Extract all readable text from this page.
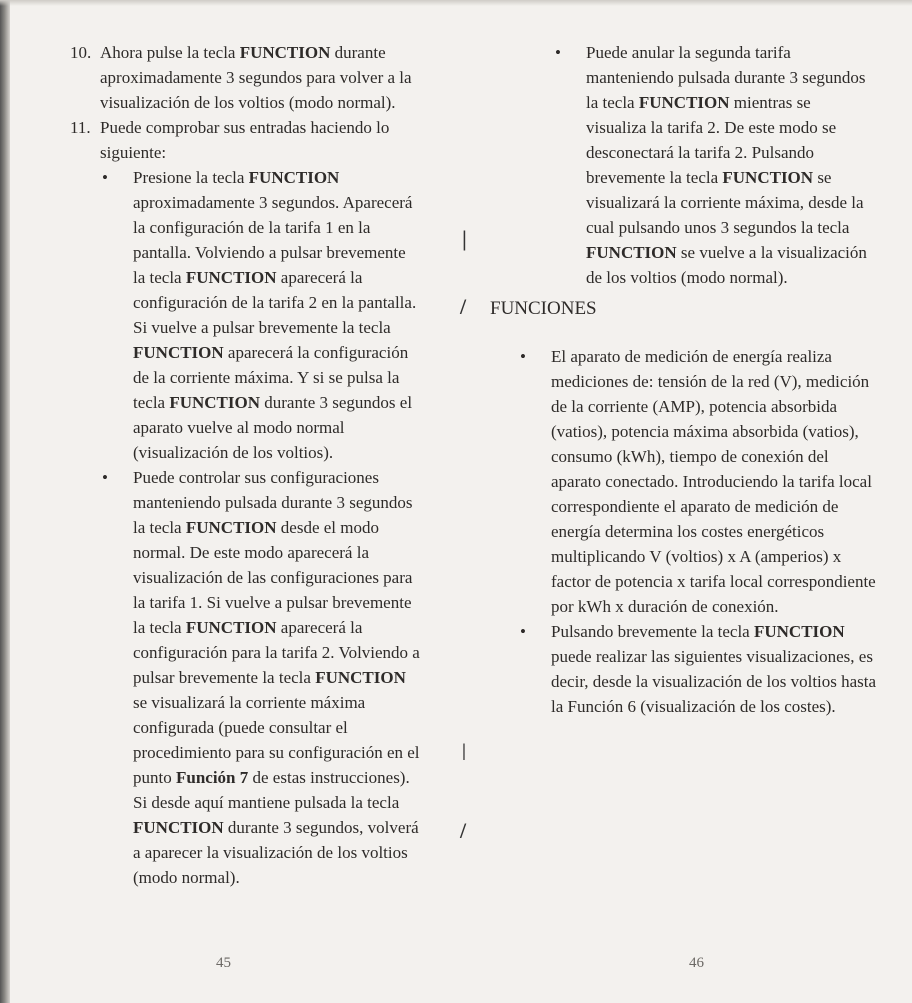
10. Ahora pulse la tecla FUNCTION durante aproximadamente 3 segundos para volver a la visualización de los voltios (modo normal).

11. Puede comprobar sus entradas haciendo lo siguiente:

• Presione la tecla FUNCTION aproximadamente 3 segundos. Aparecerá la configuración de la tarifa 1 en la pantalla. Volviendo a pulsar brevemente la tecla FUNCTION aparecerá la configuración de la tarifa 2 en la pantalla. Si vuelve a pulsar brevemente la tecla FUNCTION aparecerá la configuración de la corriente máxima. Y si se pulsa la tecla FUNCTION durante 3 segundos el aparato vuelve al modo normal (visualización de los voltios).

• Puede controlar sus configuraciones manteniendo pulsada durante 3 segundos la tecla FUNCTION desde el modo normal. De este modo aparecerá la visualización de las configuraciones para la tarifa 1. Si vuelve a pulsar brevemente la tecla FUNCTION aparecerá la configuración para la tarifa 2. Volviendo a pulsar brevemente la tecla FUNCTION se visualizará la corriente máxima configurada (puede consultar el procedimiento para su configuración en el punto Función 7 de estas instrucciones). Si desde aquí mantiene pulsada la tecla FUNCTION durante 3 segundos, volverá a aparecer la visualización de los voltios (modo normal).

|
/
|
/

• Puede anular la segunda tarifa manteniendo pulsada durante 3 segundos la tecla FUNCTION mientras se visualiza la tarifa 2. De este modo se desconectará la tarifa 2. Pulsando brevemente la tecla FUNCTION se visualizará la corriente máxima, desde la cual pulsando unos 3 segundos la tecla FUNCTION se vuelve a la visualización de los voltios (modo normal).

FUNCIONES

• El aparato de medición de energía realiza mediciones de: tensión de la red (V), medición de la corriente (AMP), potencia absorbida (vatios), potencia máxima absorbida (vatios), consumo (kWh), tiempo de conexión del aparato conectado. Introduciendo la tarifa local correspondiente el aparato de medición de energía determina los costes energéticos multiplicando V (voltios) x A (amperios) x factor de potencia x tarifa local correspondiente por kWh x duración de conexión.

• Pulsando brevemente la tecla FUNCTION puede realizar las siguientes visualizaciones, es decir, desde la visualización de los voltios hasta la Función 6 (visualización de los costes).

45	46
